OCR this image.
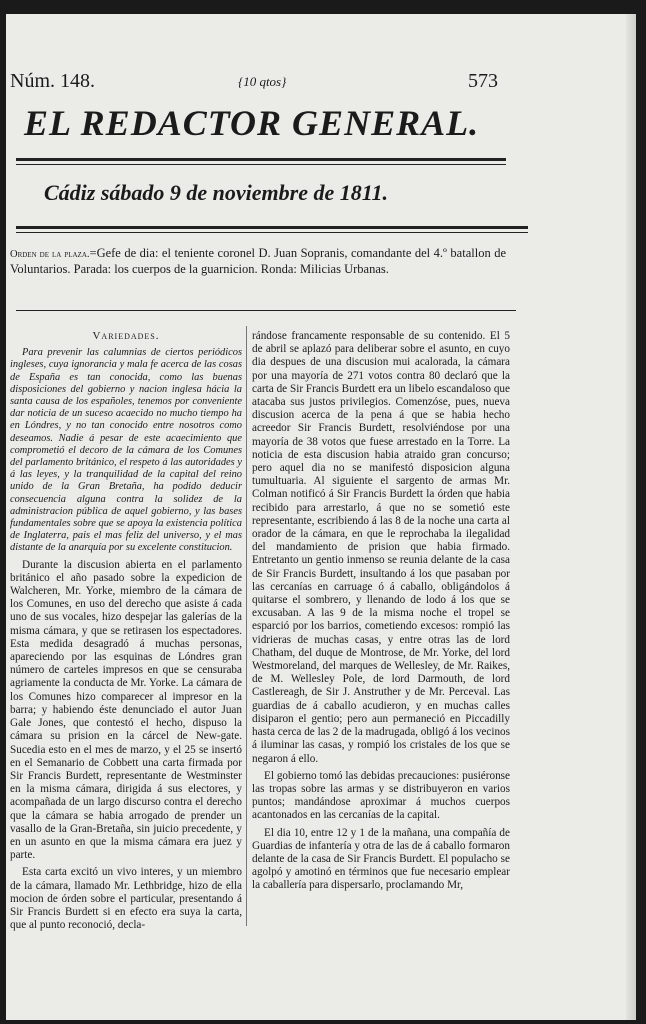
Núm. 148.	{10 qtos}	573
EL REDACTOR GENERAL.
Cádiz sábado 9 de noviembre de 1811.
Orden de la plaza.=Gefe de dia: el teniente coronel D. Juan Sopranis, comandante del 4.º batallon de Voluntarios. Parada: los cuerpos de la guarnicion. Ronda: Milicias Urbanas.
Variedades.

Para prevenir las calumnias de ciertos periódicos ingleses, cuya ignorancia y mala fe acerca de las cosas de España es tan conocida, como las buenas disposiciones del gobierno y nacion inglesa hácia la santa causa de los españoles, tenemos por conveniente dar noticia de un suceso acaecido no mucho tiempo ha en Lóndres, y no tan conocido entre nosotros como deseamos. Nadie á pesar de este acaecimiento que comprometió el decoro de la cámara de los Comunes del parlamento británico, el respeto á las autoridades y á las leyes, y la tranquilidad de la capital del reino unido de la Gran Bretaña, ha podido deducir consecuencia alguna contra la solidez de la administracion pública de aquel gobierno, y las bases fundamentales sobre que se apoya la existencia política de Inglaterra, pais el mas feliz del universo, y el mas distante de la anarquía por su excelente constitucion.

Durante la discusion abierta en el parlamento británico el año pasado sobre la expedicion de Walcheren, Mr. Yorke, miembro de la cámara de los Comunes, en uso del derecho que asiste á cada uno de sus vocales, hizo despejar las galerías de la misma cámara, y que se retirasen los espectadores. Esta medida desagradó á muchas personas, apareciendo por las esquinas de Lóndres gran número de carteles impresos en que se censuraba agriamente la conducta de Mr. Yorke. La cámara de los Comunes hizo comparecer al impresor en la barra; y habiendo éste denunciado el autor Juan Gale Jones, que contestó el hecho, dispuso la cámara su prision en la cárcel de New-gate. Sucedia esto en el mes de marzo, y el 25 se insertó en el Semanario de Cobbett una carta firmada por Sir Francis Burdett, representante de Westminster en la misma cámara, dirigida á sus electores, y acompañada de un largo discurso contra el derecho que la cámara se habia arrogado de prender un vasallo de la Gran-Bretaña, sin juicio precedente, y en un asunto en que la misma cámara era juez y parte.

Esta carta excitó un vivo interes, y un miembro de la cámara, llamado Mr. Lethbridge, hizo de ella mocion de órden sobre el particular, presentando á Sir Francis Burdett si en efecto era suya la carta, que al punto reconoció, decla-

rándose francamente responsable de su contenido. El 5 de abril se aplazó para deliberar sobre el asunto, en cuyo dia despues de una discusion mui acalorada, la cámara por una mayoría de 271 votos contra 80 declaró que la carta de Sir Francis Burdett era un libelo escandaloso que atacaba sus justos privilegios. Comenzóse, pues, nueva discusion acerca de la pena á que se habia hecho acreedor Sir Francis Burdett, resolviéndose por una mayoría de 38 votos que fuese arrestado en la Torre. La noticia de esta discusion habia atraido gran concurso; pero aquel dia no se manifestó disposicion alguna tumultuaria. Al siguiente el sargento de armas Mr. Colman notificó á Sir Francis Burdett la órden que habia recibido para arrestarlo, á que no se sometió este representante, escribiendo á las 8 de la noche una carta al orador de la cámara, en que le reprochaba la ilegalidad del mandamiento de prision que habia firmado. Entretanto un gentio inmenso se reunia delante de la casa de Sir Francis Burdett, insultando á los que pasaban por las cercanías en carruage ó á caballo, obligándolos á quitarse el sombrero, y llenando de lodo á los que se excusaban. A las 9 de la misma noche el tropel se esparció por los barrios, cometiendo excesos: rompió las vidrieras de muchas casas, y entre otras las de lord Chatham, del duque de Montrose, de Mr. Yorke, del lord Westmoreland, del marques de Wellesley, de Mr. Raikes, de M. Wellesley Pole, de lord Darmouth, de lord Castlereagh, de Sir J. Anstruther y de Mr. Perceval. Las guardias de á caballo acudieron, y en muchas calles disiparon el gentio; pero aun permaneció en Piccadilly hasta cerca de las 2 de la madrugada, obligó á los vecinos á iluminar las casas, y rompió los cristales de los que se negaron á ello.

El gobierno tomó las debidas precauciones: pusiéronse las tropas sobre las armas y se distribuyeron en varios puntos; mandándose aproximar á muchos cuerpos acantonados en las cercanías de la capital.

El dia 10, entre 12 y 1 de la mañana, una compañía de Guardias de infantería y otra de las de á caballo formaron delante de la casa de Sir Francis Burdett. El populacho se agolpó y amotinó en términos que fue necesario emplear la caballería para dispersarlo, proclamando Mr,
